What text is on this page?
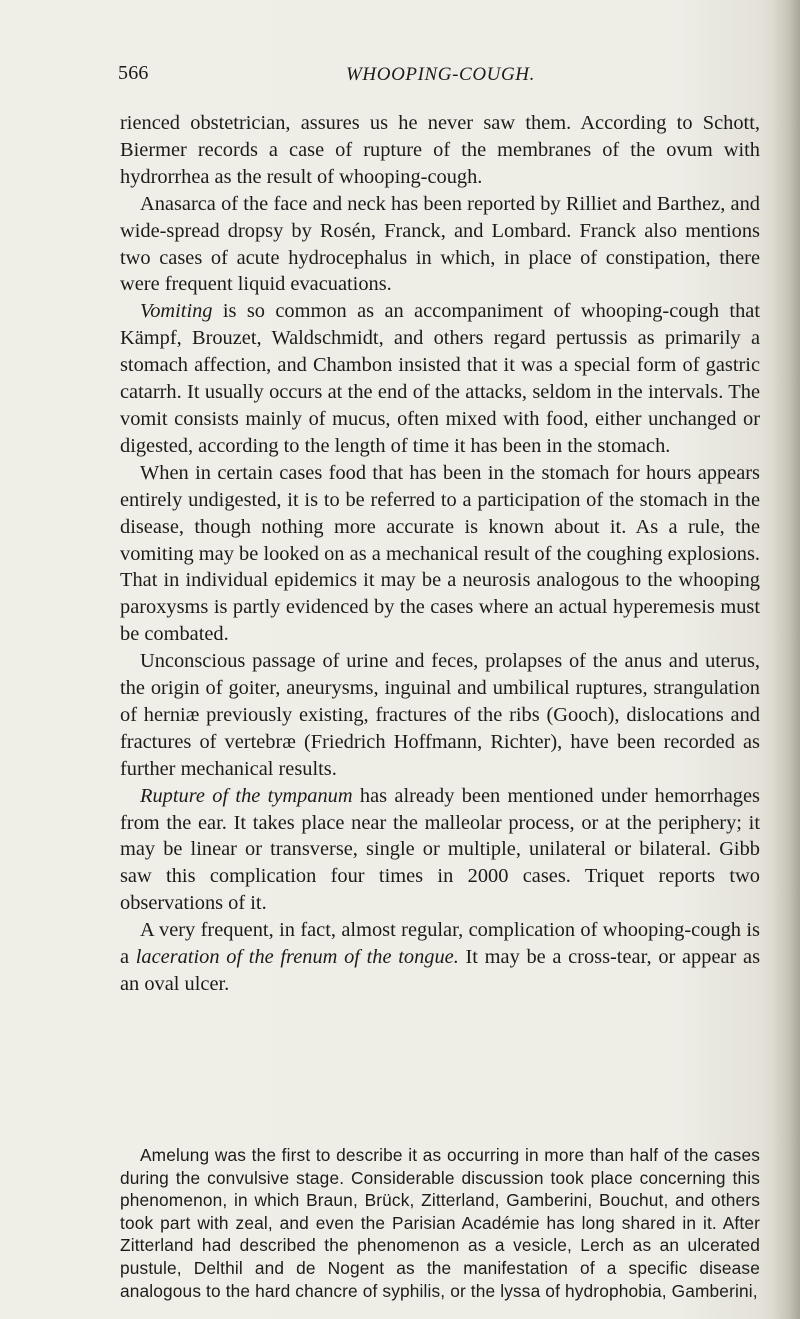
566	WHOOPING-COUGH.

rienced obstetrician, assures us he never saw them. According to Schott, Biermer records a case of rupture of the membranes of the ovum with hydrorrhea as the result of whooping-cough.

Anasarca of the face and neck has been reported by Rilliet and Barthez, and wide-spread dropsy by Rosén, Franck, and Lombard. Franck also mentions two cases of acute hydrocephalus in which, in place of constipation, there were frequent liquid evacuations.

Vomiting is so common as an accompaniment of whooping-cough that Kämpf, Brouzet, Waldschmidt, and others regard pertussis as primarily a stomach affection, and Chambon insisted that it was a special form of gastric catarrh. It usually occurs at the end of the attacks, seldom in the intervals. The vomit consists mainly of mucus, often mixed with food, either unchanged or digested, according to the length of time it has been in the stomach.

When in certain cases food that has been in the stomach for hours appears entirely undigested, it is to be referred to a participation of the stomach in the disease, though nothing more accurate is known about it. As a rule, the vomiting may be looked on as a mechanical result of the coughing explosions. That in individual epidemics it may be a neurosis analogous to the whooping paroxysms is partly evidenced by the cases where an actual hyperemesis must be combated.

Unconscious passage of urine and feces, prolapses of the anus and uterus, the origin of goiter, aneurysms, inguinal and umbilical ruptures, strangulation of herniæ previously existing, fractures of the ribs (Gooch), dislocations and fractures of vertebræ (Friedrich Hoffmann, Richter), have been recorded as further mechanical results.

Rupture of the tympanum has already been mentioned under hemorrhages from the ear. It takes place near the malleolar process, or at the periphery; it may be linear or transverse, single or multiple, unilateral or bilateral. Gibb saw this complication four times in 2000 cases. Triquet reports two observations of it.

A very frequent, in fact, almost regular, complication of whooping-cough is a laceration of the frenum of the tongue. It may be a cross-tear, or appear as an oval ulcer.

Amelung was the first to describe it as occurring in more than half of the cases during the convulsive stage. Considerable discussion took place concerning this phenomenon, in which Braun, Brück, Zitterland, Gamberini, Bouchut, and others took part with zeal, and even the Parisian Académie has long shared in it. After Zitterland had described the phenomenon as a vesicle, Lerch as an ulcerated pustule, Delthil and de Nogent as the manifestation of a specific disease analogous to the hard chancre of syphilis, or the lyssa of hydrophobia, Gamberini,
